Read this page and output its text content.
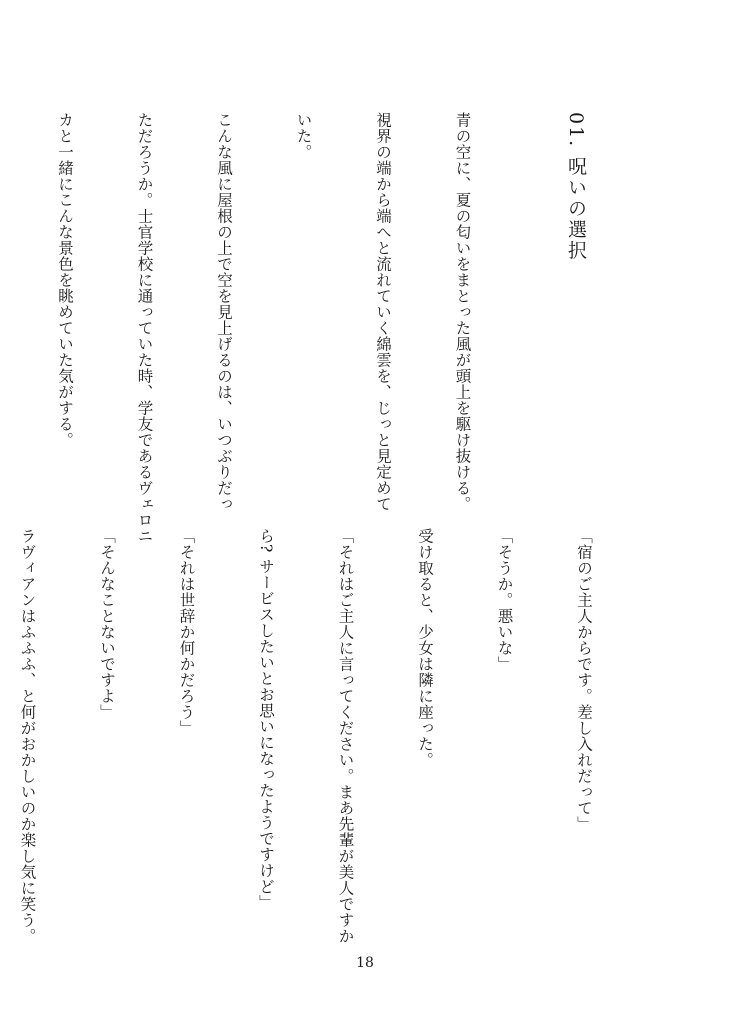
01. 呪いの選択

青の空に、夏の匂いをまとった風が頭上を駆け抜ける。

視界の端から端へと流れていく綿雲を、じっと見定めて

いた。

こんな風に屋根の上で空を見上げるのは、いつぶりだっ

ただろうか。士官学校に通っていた時、学友であるヴェロニ

カと一緒にこんな景色を眺めていた気がする。

「宿のご主人からです。差し入れだって」

「そうか。悪いな」

受け取ると、少女は隣に座った。

「それはご主人に言ってください。まあ先輩が美人ですか

ら? サービスしたいとお思いになったようですけど」

「それは世辞か何かだろう」

「そんなことないですよ」

ラヴィアンはふふふ、と何がおかしいのか楽し気に笑う。

18
